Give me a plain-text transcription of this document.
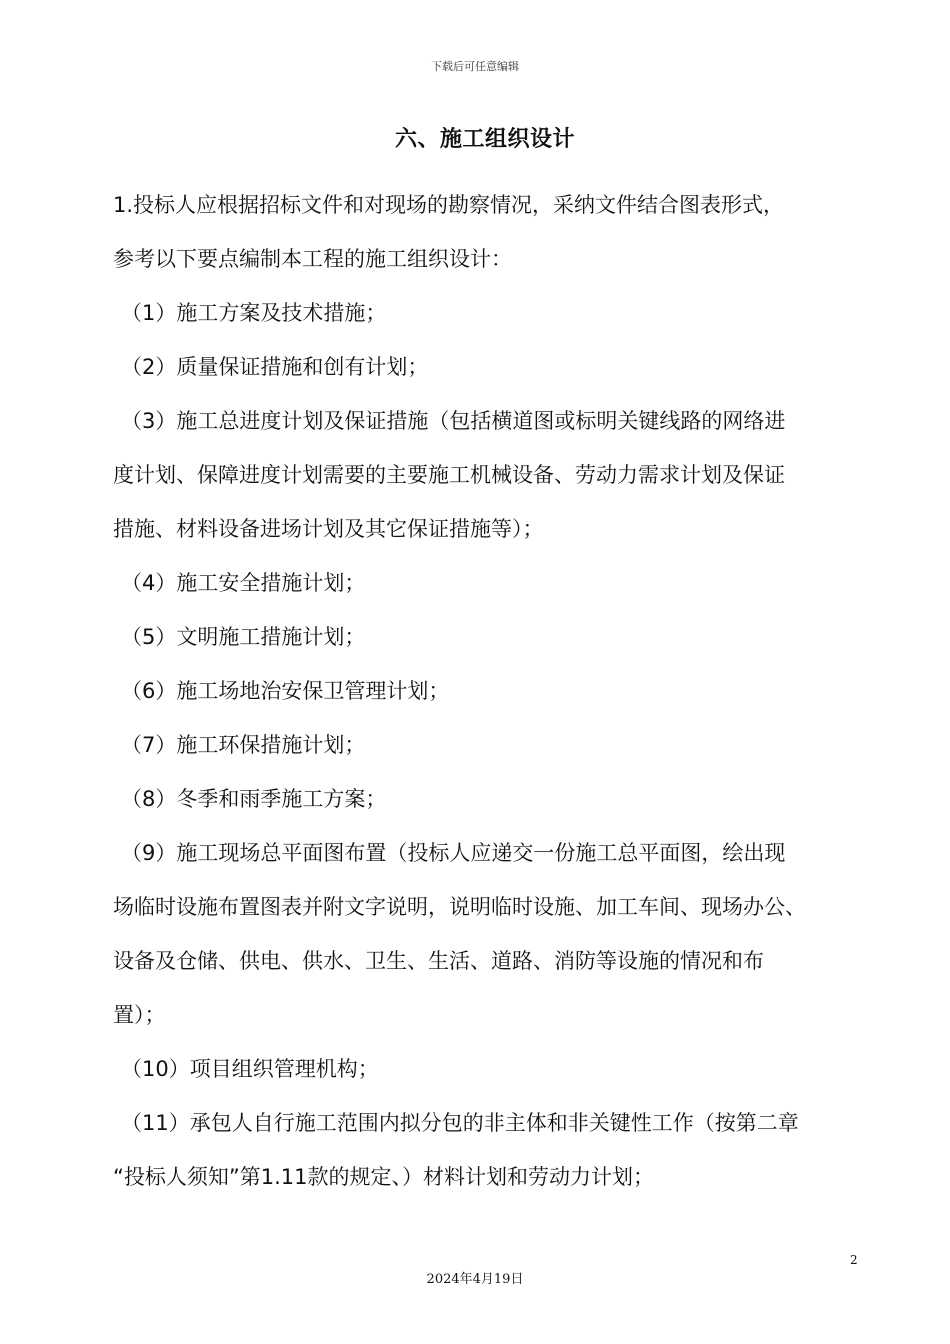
下载后可任意编辑
六、施工组织设计

1.投标人应根据招标文件和对现场的勘察情况，采纳文件结合图表形式，

参考以下要点编制本工程的施工组织设计：

（1）施工方案及技术措施；

（2）质量保证措施和创有计划；

（3）施工总进度计划及保证措施（包括横道图或标明关键线路的网络进

度计划、保障进度计划需要的主要施工机械设备、劳动力需求计划及保证

措施、材料设备进场计划及其它保证措施等）；

（4）施工安全措施计划；

（5）文明施工措施计划；

（6）施工场地治安保卫管理计划；

（7）施工环保措施计划；

（8）冬季和雨季施工方案；

（9）施工现场总平面图布置（投标人应递交一份施工总平面图，绘出现

场临时设施布置图表并附文字说明，说明临时设施、加工车间、现场办公、

设备及仓储、供电、供水、卫生、生活、道路、消防等设施的情况和布

置）；

（10）项目组织管理机构；

（11）承包人自行施工范围内拟分包的非主体和非关键性工作（按第二章

“投标人须知”第1.11款的规定、）材料计划和劳动力计划；

2
2024年4月19日
